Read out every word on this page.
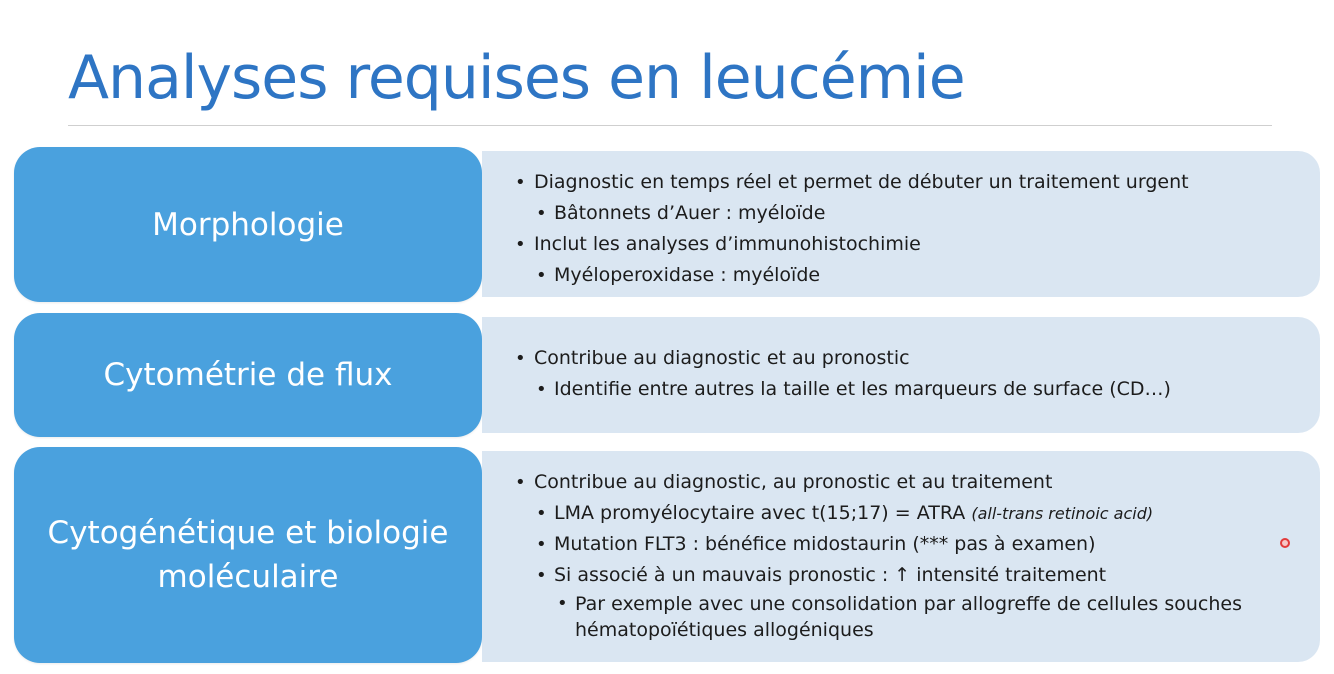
Analyses requises en leucémie
Morphologie
• Diagnostic en temps réel et permet de débuter un traitement urgent
• Bâtonnets d’Auer : myéloïde
• Inclut les analyses d’immunohistochimie
• Myéloperoxidase : myéloïde
Cytométrie de flux
•	Contribue au diagnostic et au pronostic
• Identifie entre autres la taille et les marqueurs de surface (CD…)
Cytogénétique et biologie
moléculaire
• Contribue au diagnostic, au pronostic et au traitement
• LMA promyélocytaire avec t(15;17) = ATRA (all-trans retinoic acid)
• Mutation FLT3 : bénéfice midostaurin (*** pas à examen)
• Si associé à un mauvais pronostic : ↑ intensité traitement
• Par exemple avec une consolidation par allogreffe de cellules souches hématopoïétiques allogéniques
